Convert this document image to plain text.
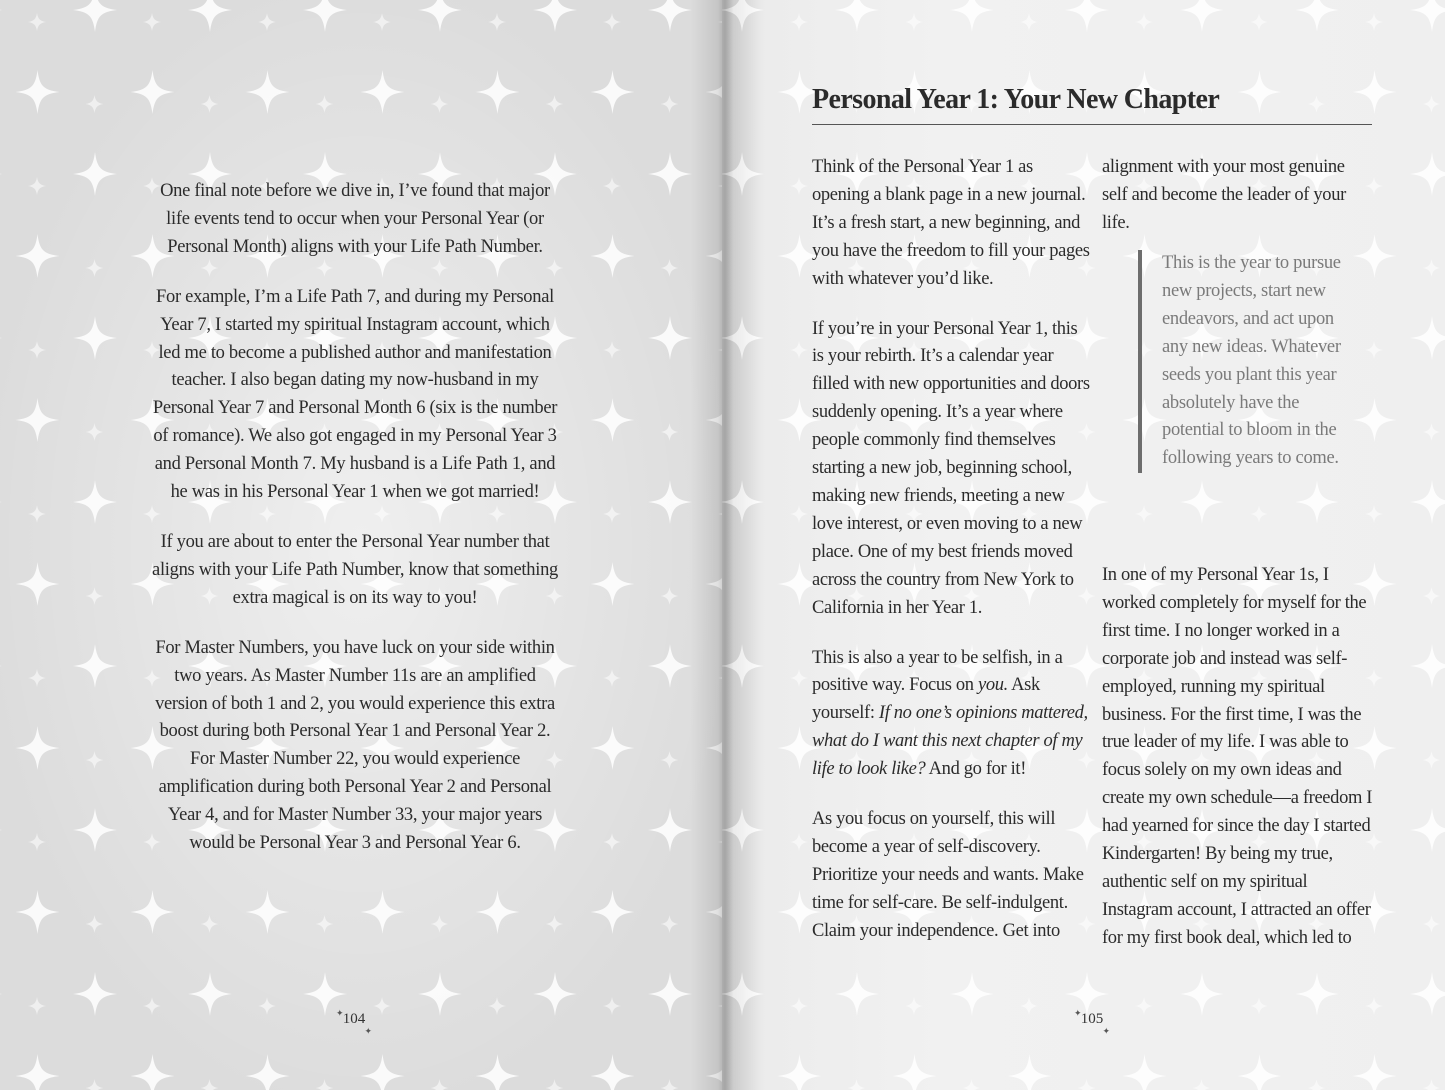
One final note before we dive in, I’ve found that major life events tend to occur when your Personal Year (or Personal Month) aligns with your Life Path Number.

For example, I’m a Life Path 7, and during my Personal Year 7, I started my spiritual Instagram account, which led me to become a published author and manifestation teacher. I also began dating my now-husband in my Personal Year 7 and Personal Month 6 (six is the number of romance). We also got engaged in my Personal Year 3 and Personal Month 7. My husband is a Life Path 1, and he was in his Personal Year 1 when we got married!

If you are about to enter the Personal Year number that aligns with your Life Path Number, know that something extra magical is on its way to you!

For Master Numbers, you have luck on your side within two years. As Master Number 11s are an amplified version of both 1 and 2, you would experience this extra boost during both Personal Year 1 and Personal Year 2. For Master Number 22, you would experience amplification during both Personal Year 2 and Personal Year 4, and for Master Number 33, your major years would be Personal Year 3 and Personal Year 6.

✦ 104
✦
Personal Year 1: Your New Chapter

Think of the Personal Year 1 as opening a blank page in a new journal. It’s a fresh start, a new beginning, and you have the freedom to fill your pages with whatever you’d like.

If you’re in your Personal Year 1, this is your rebirth. It’s a calendar year filled with new opportunities and doors suddenly opening. It’s a year where people commonly find themselves starting a new job, beginning school, making new friends, meeting a new love interest, or even moving to a new place. One of my best friends moved across the country from New York to California in her Year 1.

This is also a year to be selfish, in a positive way. Focus on you. Ask yourself: If no one’s opinions mattered, what do I want this next chapter of my life to look like? And go for it!

As you focus on yourself, this will become a year of self-discovery. Prioritize your needs and wants. Make time for self-care. Be self-indulgent. Claim your independence. Get into

alignment with your most genuine self and become the leader of your life.

In one of my Personal Year 1s, I worked completely for myself for the first time. I no longer worked in a corporate job and instead was self-employed, running my spiritual business. For the first time, I was the true leader of my life. I was able to focus solely on my own ideas and create my own schedule—a freedom I had yearned for since the day I started Kindergarten! By being my true, authentic self on my spiritual Instagram account, I attracted an offer for my first book deal, which led to

This is the year to pursue new projects, start new endeavors, and act upon any new ideas. Whatever seeds you plant this year absolutely have the potential to bloom in the following years to come.
✦ 105
✦
